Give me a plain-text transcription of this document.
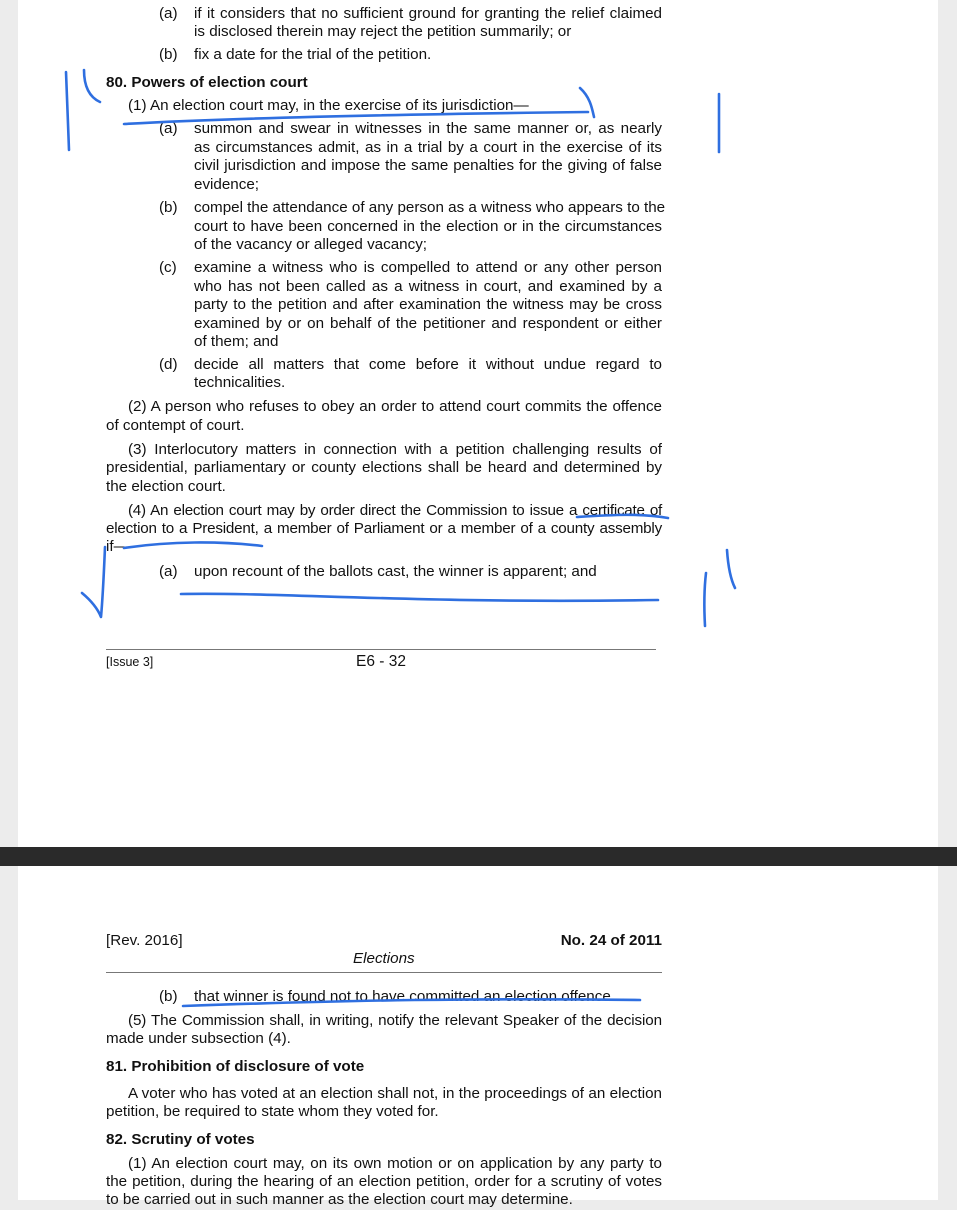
(a) if it considers that no sufficient ground for granting the relief claimed
is disclosed therein may reject the petition summarily; or
(b) fix a date for the trial of the petition.
80. Powers of election court
(1) An election court may, in the exercise of its jurisdiction—
(a) summon and swear in witnesses in the same manner or, as nearly
as circumstances admit, as in a trial by a court in the exercise of its
civil jurisdiction and impose the same penalties for the giving of false
evidence;
(b) compel the attendance of any person as a witness who appears to the
court to have been concerned in the election or in the circumstances
of the vacancy or alleged vacancy;
(c) examine a witness who is compelled to attend or any other person
who has not been called as a witness in court, and examined by a
party to the petition and after examination the witness may be cross
examined by or on behalf of the petitioner and respondent or either
of them; and
(d) decide all matters that come before it without undue regard to
technicalities.
(2) A person who refuses to obey an order to attend court commits the offence
of contempt of court.
(3) Interlocutory matters in connection with a petition challenging results of
presidential, parliamentary or county elections shall be heard and determined by
the election court.
(4) An election court may by order direct the Commission to issue a certificate of
election to a President, a member of Parliament or a member of a county assembly
if—
(a) upon recount of the ballots cast, the winner is apparent; and
[Issue 3]	E6 - 32
[Rev. 2016]	No. 24 of 2011
Elections
(b) that winner is found not to have committed an election offence.
(5) The Commission shall, in writing, notify the relevant Speaker of the decision
made under subsection (4).
81. Prohibition of disclosure of vote
A voter who has voted at an election shall not, in the proceedings of an election
petition, be required to state whom they voted for.
82. Scrutiny of votes
(1) An election court may, on its own motion or on application by any party to
the petition, during the hearing of an election petition, order for a scrutiny of votes
to be carried out in such manner as the election court may determine.
